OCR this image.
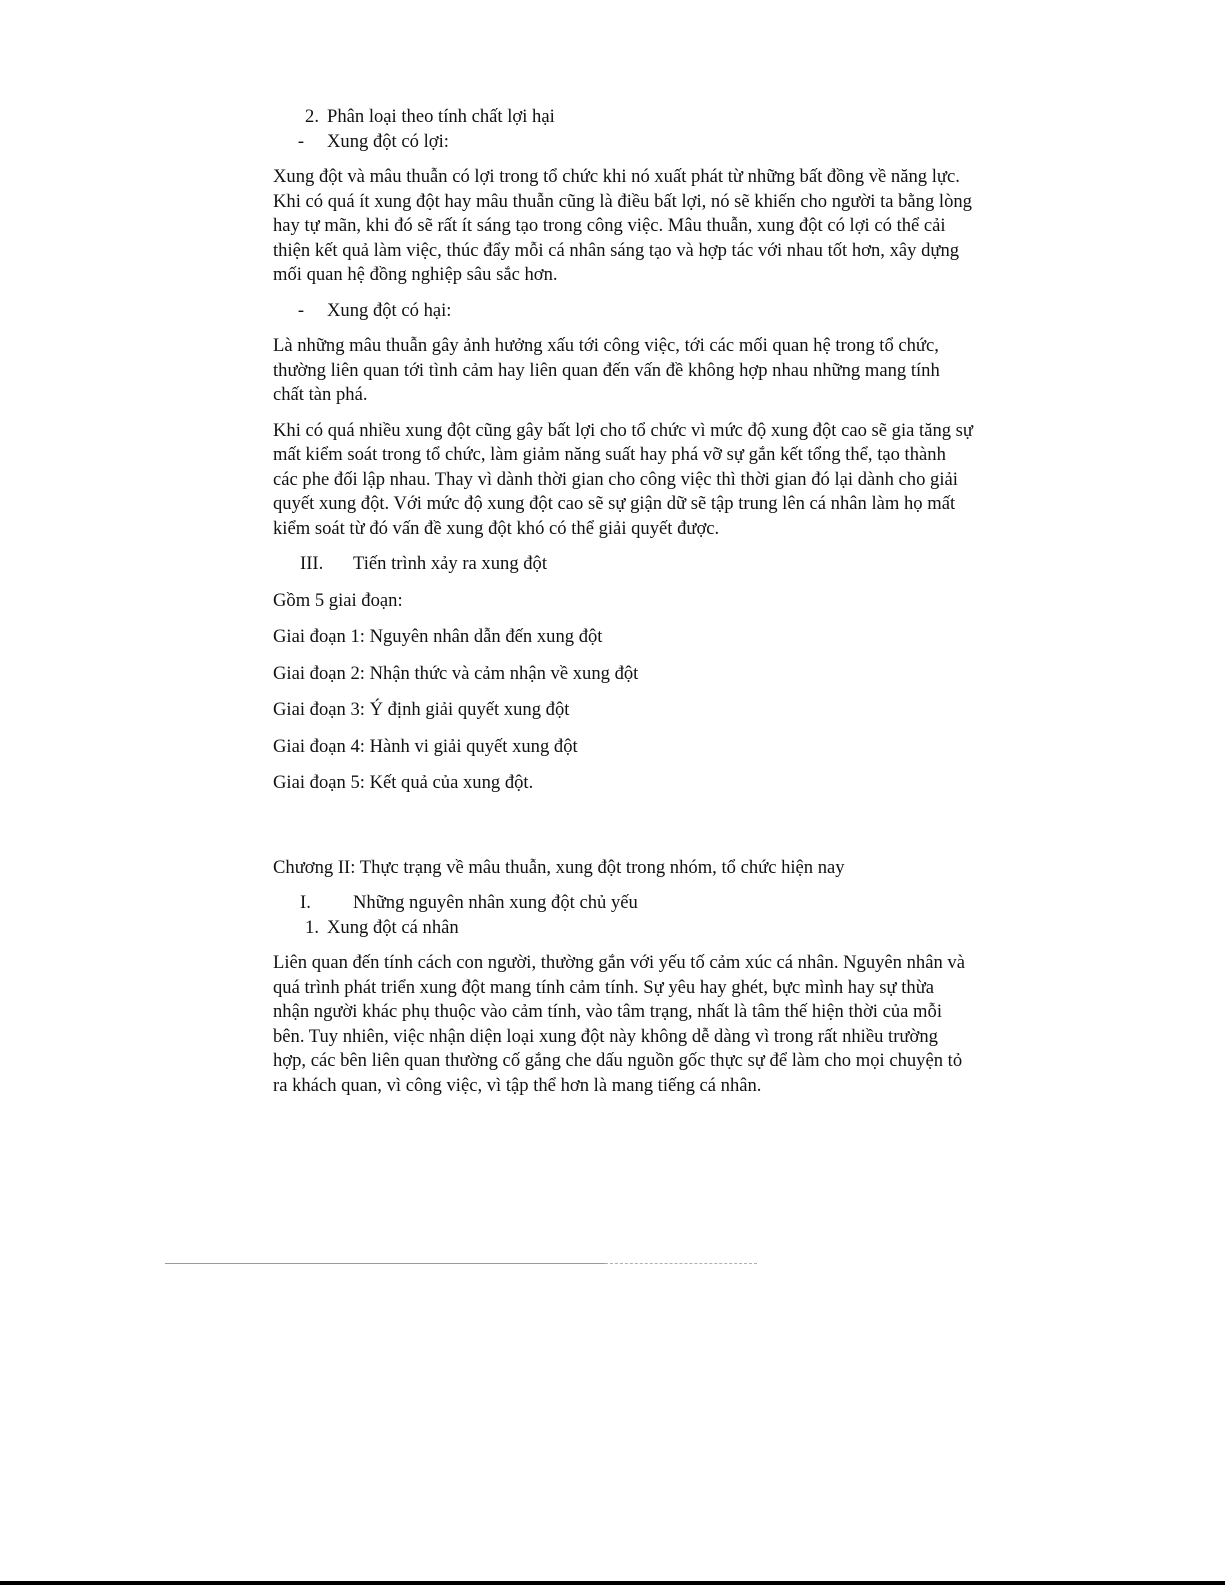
2. Phân loại theo tính chất lợi hại
-	Xung đột có lợi:

Xung đột và mâu thuẫn có lợi trong tổ chức khi nó xuất phát từ những bất đồng về năng lực. Khi có quá ít xung đột hay mâu thuẫn cũng là điều bất lợi, nó sẽ khiến cho người ta bằng lòng hay tự mãn, khi đó sẽ rất ít sáng tạo trong công việc. Mâu thuẫn, xung đột có lợi có thể cải thiện kết quả làm việc, thúc đẩy mỗi cá nhân sáng tạo và hợp tác với nhau tốt hơn, xây dựng mối quan hệ đồng nghiệp sâu sắc hơn.

-	Xung đột có hại:

Là những mâu thuẫn gây ảnh hưởng xấu tới công việc, tới các mối quan hệ trong tổ chức, thường liên quan tới tình cảm hay liên quan đến vấn đề không hợp nhau những mang tính chất tàn phá.

Khi có quá nhiều xung đột cũng gây bất lợi cho tổ chức vì mức độ xung đột cao sẽ gia tăng sự mất kiểm soát trong tổ chức, làm giảm năng suất hay phá vỡ sự gắn kết tổng thể, tạo thành các phe đối lập nhau. Thay vì dành thời gian cho công việc thì thời gian đó lại dành cho giải quyết xung đột. Với mức độ xung đột cao sẽ sự giận dữ sẽ tập trung lên cá nhân làm họ mất kiểm soát từ đó vấn đề xung đột khó có thể giải quyết được.

III.	Tiến trình xảy ra xung đột

Gồm 5 giai đoạn:

Giai đoạn 1: Nguyên nhân dẫn đến xung đột

Giai đoạn 2: Nhận thức và cảm nhận về xung đột

Giai đoạn 3: Ý định giải quyết xung đột

Giai đoạn 4: Hành vi giải quyết xung đột

Giai đoạn 5: Kết quả của xung đột.

Chương II: Thực trạng về mâu thuẫn, xung đột trong nhóm, tổ chức hiện nay

I.	Những nguyên nhân xung đột chủ yếu
1. Xung đột cá nhân

Liên quan đến tính cách con người, thường gắn với yếu tố cảm xúc cá nhân. Nguyên nhân và quá trình phát triển xung đột mang tính cảm tính. Sự yêu hay ghét, bực mình hay sự thừa nhận người khác phụ thuộc vào cảm tính, vào tâm trạng, nhất là tâm thế hiện thời của mỗi bên. Tuy nhiên, việc nhận diện loại xung đột này không dễ dàng vì trong rất nhiều trường hợp, các bên liên quan thường cố gắng che dấu nguồn gốc thực sự để làm cho mọi chuyện tỏ ra khách quan, vì công việc, vì tập thể hơn là mang tiếng cá nhân.
